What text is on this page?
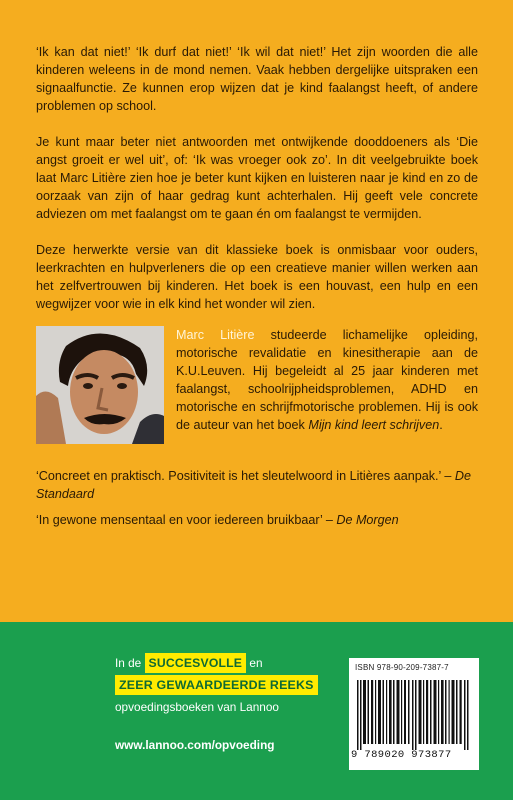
‘Ik kan dat niet!’ ‘Ik durf dat niet!’ ‘Ik wil dat niet!’ Het zijn woorden die alle kinderen weleens in de mond nemen. Vaak hebben dergelijke uitspraken een signaalfunctie. Ze kunnen erop wijzen dat je kind faalangst heeft, of andere problemen op school.

Je kunt maar beter niet antwoorden met ontwijkende dooddoeners als ‘Die angst groeit er wel uit’, of: ‘Ik was vroeger ook zo’. In dit veelgebruikte boek laat Marc Litière zien hoe je beter kunt kijken en luisteren naar je kind en zo de oorzaak van zijn of haar gedrag kunt achterhalen. Hij geeft vele concrete adviezen om met faalangst om te gaan én om faalangst te vermijden.

Deze herwerkte versie van dit klassieke boek is onmisbaar voor ouders, leerkrachten en hulpverleners die op een creatieve manier willen werken aan het zelfvertrouwen bij kinderen. Het boek is een houvast, een hulp en een wegwijzer voor wie in elk kind het wonder wil zien.

Marc Litière studeerde lichamelijke opleiding, motorische revalidatie en kinesitherapie aan de K.U.Leuven. Hij begeleidt al 25 jaar kinderen met faalangst, schoolrijpheidsproblemen, ADHD en motorische en schrijfmotorische problemen. Hij is ook de auteur van het boek Mijn kind leert schrijven.

‘Concreet en praktisch. Positiviteit is het sleutelwoord in Litières aanpak.’ – De Standaard

‘In gewone mensentaal en voor iedereen bruikbaar’ – De Morgen

In de SUCCESVOLLE en
ZEER GEWAARDEERDE REEKS
opvoedingsboeken van Lannoo
www.lannoo.com/opvoeding
ISBN 978-90-209-7387-7
9 789020 973877
